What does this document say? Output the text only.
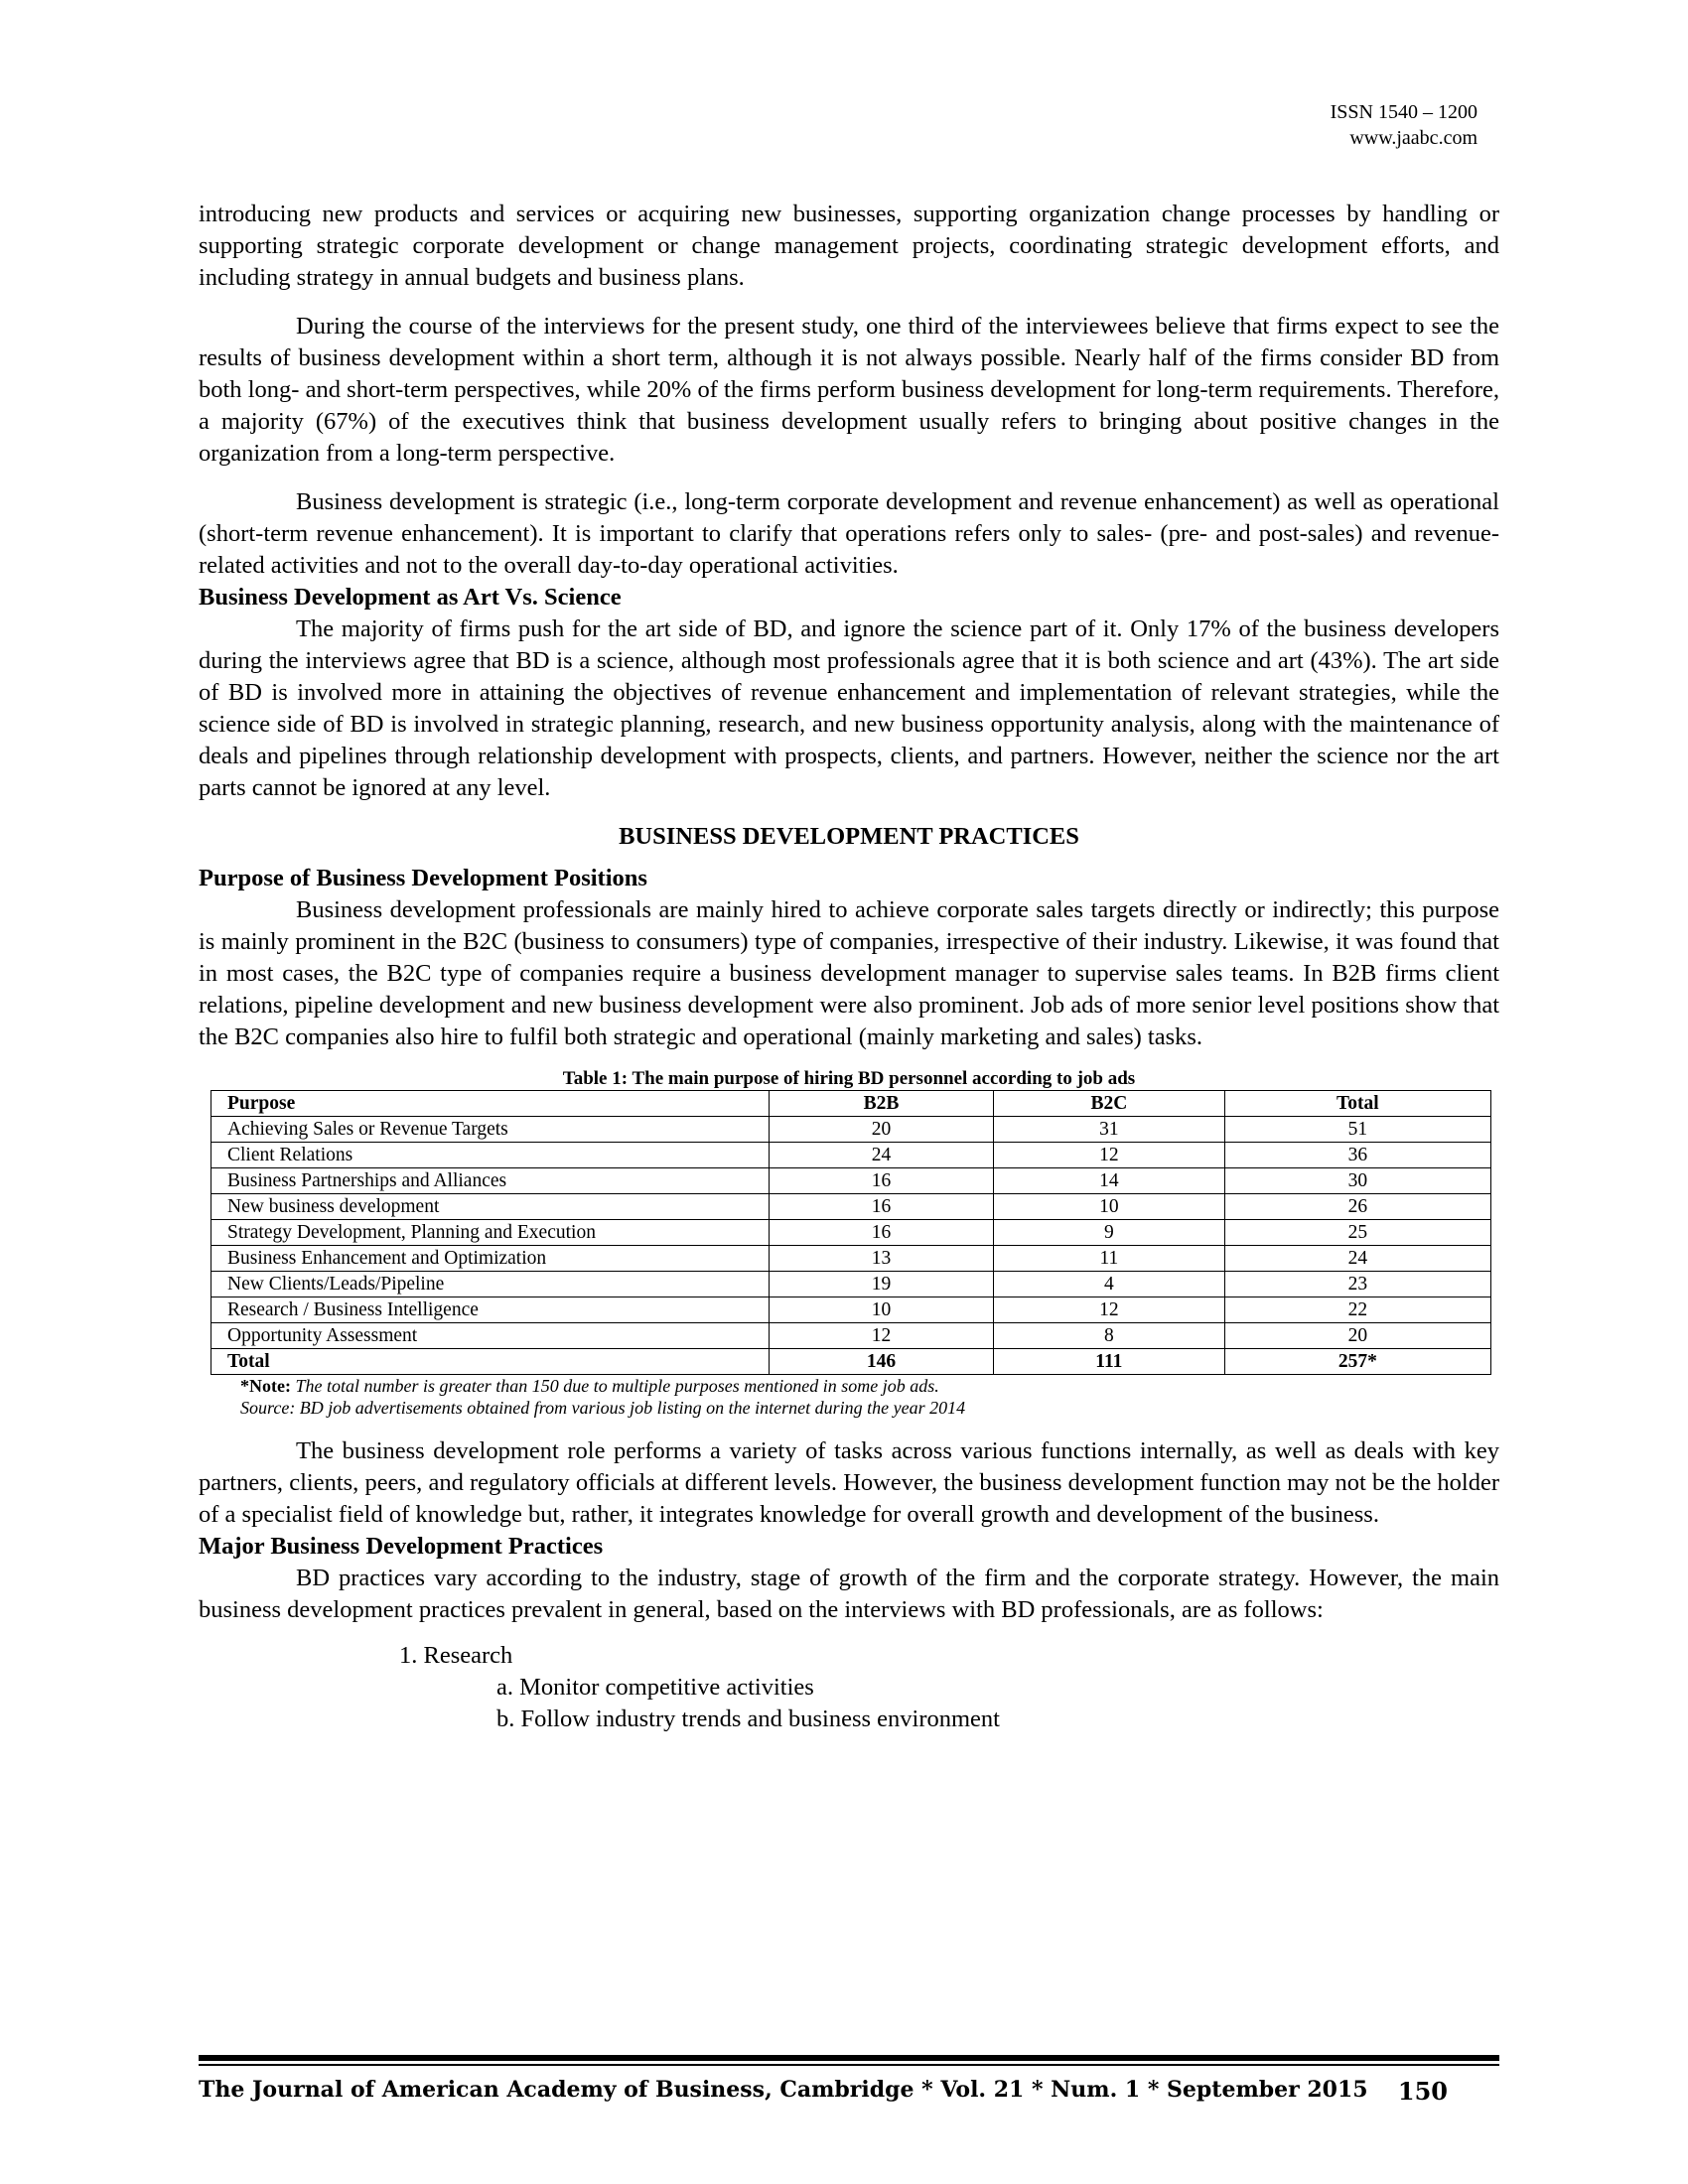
ISSN 1540 – 1200
www.jaabc.com

introducing new products and services or acquiring new businesses, supporting organization change processes by handling or supporting strategic corporate development or change management projects, coordinating strategic development efforts, and including strategy in annual budgets and business plans.

During the course of the interviews for the present study, one third of the interviewees believe that firms expect to see the results of business development within a short term, although it is not always possible. Nearly half of the firms consider BD from both long- and short-term perspectives, while 20% of the firms perform business development for long-term requirements. Therefore, a majority (67%) of the executives think that business development usually refers to bringing about positive changes in the organization from a long-term perspective.

Business development is strategic (i.e., long-term corporate development and revenue enhancement) as well as operational (short-term revenue enhancement). It is important to clarify that operations refers only to sales- (pre- and post-sales) and revenue-related activities and not to the overall day-to-day operational activities.

Business Development as Art Vs. Science

The majority of firms push for the art side of BD, and ignore the science part of it. Only 17% of the business developers during the interviews agree that BD is a science, although most professionals agree that it is both science and art (43%). The art side of BD is involved more in attaining the objectives of revenue enhancement and implementation of relevant strategies, while the science side of BD is involved in strategic planning, research, and new business opportunity analysis, along with the maintenance of deals and pipelines through relationship development with prospects, clients, and partners. However, neither the science nor the art parts cannot be ignored at any level.

BUSINESS DEVELOPMENT PRACTICES
Purpose of Business Development Positions

Business development professionals are mainly hired to achieve corporate sales targets directly or indirectly; this purpose is mainly prominent in the B2C (business to consumers) type of companies, irrespective of their industry. Likewise, it was found that in most cases, the B2C type of companies require a business development manager to supervise sales teams. In B2B firms client relations, pipeline development and new business development were also prominent. Job ads of more senior level positions show that the B2C companies also hire to fulfil both strategic and operational (mainly marketing and sales) tasks.

Table 1: The main purpose of hiring BD personnel according to job ads
Purpose	B2B	B2C	Total
Achieving Sales or Revenue Targets	20	31	51
Client Relations	24	12	36
Business Partnerships and Alliances	16	14	30
New business development	16	10	26
Strategy Development, Planning and Execution	16	9	25
Business Enhancement and Optimization	13	11	24
New Clients/Leads/Pipeline	19	4	23
Research / Business Intelligence	10	12	22
Opportunity Assessment	12	8	20
Total	146	111	257*
*Note: The total number is greater than 150 due to multiple purposes mentioned in some job ads.
Source: BD job advertisements obtained from various job listing on the internet during the year 2014

The business development role performs a variety of tasks across various functions internally, as well as deals with key partners, clients, peers, and regulatory officials at different levels. However, the business development function may not be the holder of a specialist field of knowledge but, rather, it integrates knowledge for overall growth and development of the business.

Major Business Development Practices

BD practices vary according to the industry, stage of growth of the firm and the corporate strategy. However, the main business development practices prevalent in general, based on the interviews with BD professionals, are as follows:

1. Research
a. Monitor competitive activities
b. Follow industry trends and business environment
The Journal of American Academy of Business, Cambridge * Vol. 21 * Num. 1 * September 2015 150
